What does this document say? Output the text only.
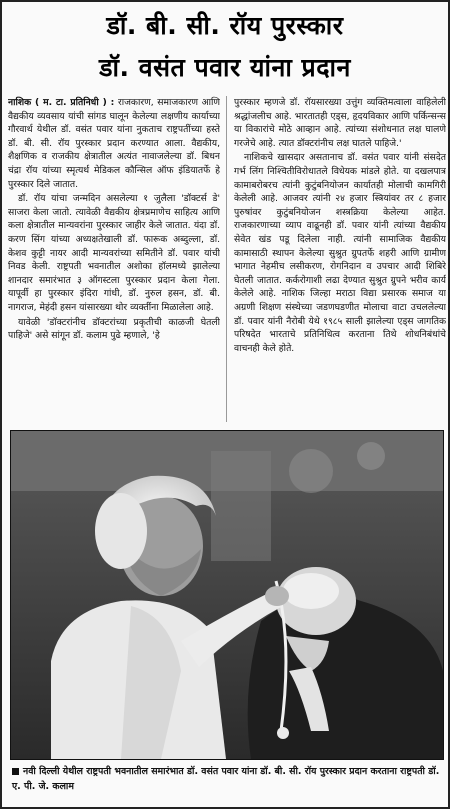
डॉ. बी. सी. रॉय पुरस्कार
डॉ. वसंत पवार यांना प्रदान

नाशिक ( म. टा. प्रतिनिधी ) : राजकारण, समाजकारण आणि वैद्यकीय व्यवसाय यांची सांगड घालून केलेल्या लक्षणीय कार्याच्या गौरवार्थ येथील डॉ. वसंत पवार यांना नुकताच राष्ट्रपतींच्या हस्ते डॉ. बी. सी. रॉय पुरस्कार प्रदान करण्यात आला. वैद्यकीय, शैक्षणिक व राजकीय क्षेत्रातील अत्यंत नावाजलेल्या डॉ. बिधन चंद्रा रॉय यांच्या स्मृत्यर्थ मेडिकल कौन्सिल ऑफ इंडियातर्फे हे पुरस्कार दिले जातात.

डॉ. रॉय यांचा जन्मदिन असलेल्या १ जुलैला 'डॉक्टर्स डे' साजरा केला जातो. त्यावेळी वैद्यकीय क्षेत्रप्रमाणेच साहित्य आणि कला क्षेत्रातील मान्यवरांना पुरस्कार जाहीर केले जातात. यंदा डॉ. करण सिंग यांच्या अध्यक्षतेखाली डॉ. फारूक अब्दुल्ला, डॉ. केशव कुट्टी नायर आदी मान्यवरांच्या समितीने डॉ. पवार यांची निवड केली. राष्ट्रपती भवनातील अशोका हॉलमध्ये झालेल्या शानदार समारंभात ३ ऑगस्टला पुरस्कार प्रदान केला गेला. यापूर्वी हा पुरस्कार इंदिरा गांधी, डॉ. नुरुल हसन, डॉ. बी. नागराज, मेहंदी हसन यांसारख्या थोर व्यक्तींना मिळालेला आहे.

यावेळी 'डॉक्टरांनीच डॉक्टरांच्या प्रकृतीची काळजी घेतली पाहिजे' असे सांगून डॉ. कलाम पुढे म्हणाले, 'हे

पुरस्कार म्हणजे डॉ. रॉयसारख्या उत्तुंग व्यक्तिमत्वाला वाहिलेली श्रद्धांजलीच आहे. भारतातही एड्स, हृदयविकार आणि पर्किन्सन्स या विकारांचे मोठे आव्हान आहे. त्यांच्या संशोधनात लक्ष घालणे गरजेचे आहे. त्यात डॉक्टरांनीच लक्ष घातले पाहिजे.'

नाशिकचे खासदार असतानाच डॉ. वसंत पवार यांनी संसदेत गर्भ लिंग निश्चितीविरोधातले विधेयक मांडले होते. या दखलपात्र कामाबरोबरच त्यांनी कुटुंबनियोजन कार्यातही मोलाची कामगिरी केलेली आहे. आजवर त्यांनी २४ हजार स्त्रियांवर तर ८ हजार पुरुषांवर कुटुंबनियोजन शस्त्रक्रिया केलेल्या आहेत. राजकारणाच्या व्याप वाढूनही डॉ. पवार यांनी त्यांच्या वैद्यकीय सेवेत खंड पडू दिलेला नाही. त्यांनी सामाजिक वैद्यकीय कामासाठी स्थापन केलेल्या सुश्रुत ग्रुपतर्फे शहरी आणि ग्रामीण भागात नेहमीच लसीकरण, रोगनिदान व उपचार आदी शिबिरे घेतली जातात. कर्करोगाशी लढा देण्यात सुश्रुत ग्रुपने भरीव कार्य केलेले आहे. नाशिक जिल्हा मराठा विद्या प्रसारक समाज या अग्रणी शिक्षण संस्थेच्या जडणघडणीत मोलाचा वाटा उचललेल्या डॉ. पवार यांनी नैरोबी येथे १९८५ साली झालेल्या एड्स जागतिक परिषदेत भारताचे प्रतिनिधित्व करताना तिथे शोधनिबंधांचे वाचनही केले होते.

नवी दिल्ली येथील राष्ट्रपती भवनातील समारंभात डॉ. वसंत पवार यांना डॉ. बी. सी. रॉय पुरस्कार प्रदान करताना राष्ट्रपती डॉ. ए. पी. जे. कलाम
